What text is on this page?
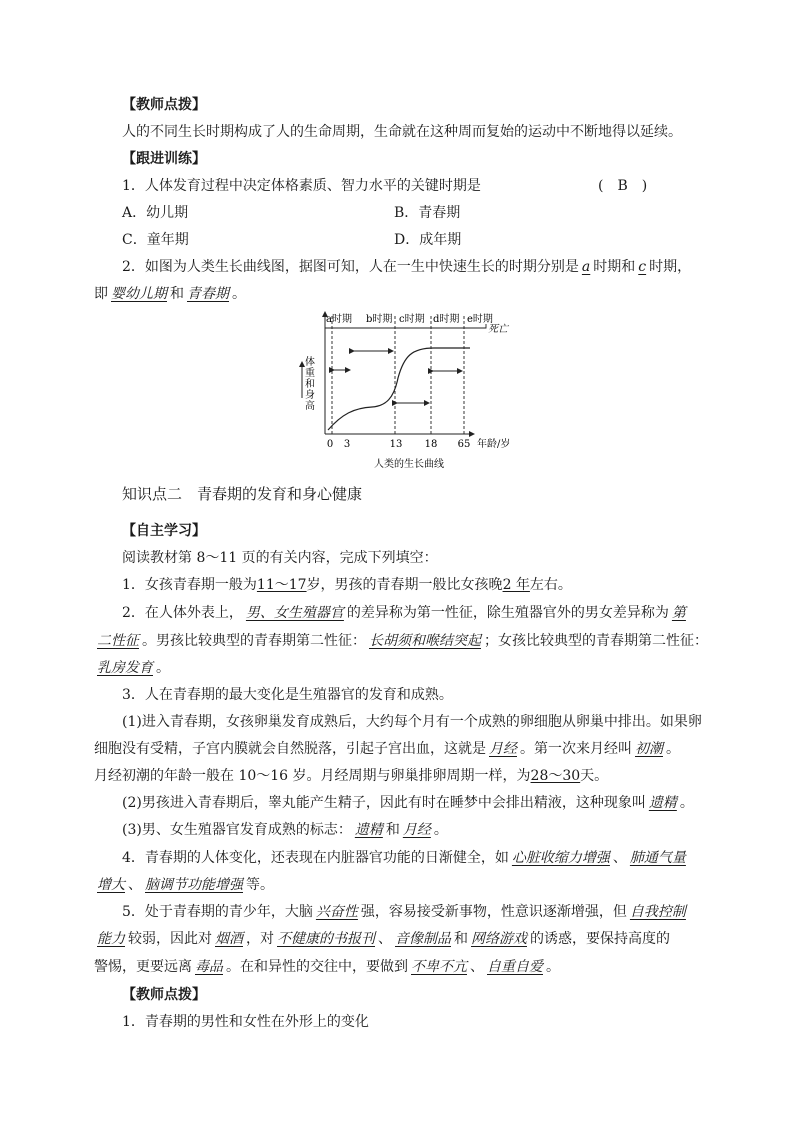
【教师点拨】
人的不同生长时期构成了人的生命周期，生命就在这种周而复始的运动中不断地得以延续。
【跟进训练】
1．人体发育过程中决定体格素质、智力水平的关键时期是	(　B　)
A．幼儿期	B．青春期
C．童年期	D．成年期
2．如图为人类生长曲线图，据图可知，人在一生中快速生长的时期分别是 a 时期和 c 时期，
即 婴幼儿期 和 青春期 。
体重和身高
a时期 b时期 c时期 d时期 e时期
死亡
0 3	13 18 65 年龄/岁
人类的生长曲线
知识点二　青春期的发育和身心健康
【自主学习】
阅读教材第 8～11 页的有关内容，完成下列填空：
1．女孩青春期一般为11～17岁，男孩的青春期一般比女孩晚2 年左右。
2．在人体外表上， 男、女生殖器官 的差异称为第一性征，除生殖器官外的男女差异称为 第
二性征 。男孩比较典型的青春期第二性征： 长胡须和喉结突起 ；女孩比较典型的青春期第二性征：
乳房发育 。
3．人在青春期的最大变化是生殖器官的发育和成熟。
(1)进入青春期，女孩卵巢发育成熟后，大约每个月有一个成熟的卵细胞从卵巢中排出。如果卵
细胞没有受精，子宫内膜就会自然脱落，引起子宫出血，这就是 月经 。第一次来月经叫 初潮 。
月经初潮的年龄一般在 10～16 岁。月经周期与卵巢排卵周期一样，为28～30天。
(2)男孩进入青春期后，睾丸能产生精子，因此有时在睡梦中会排出精液，这种现象叫 遗精 。
(3)男、女生殖器官发育成熟的标志： 遗精 和 月经 。
4．青春期的人体变化，还表现在内脏器官功能的日渐健全，如 心脏收缩力增强 、 肺通气量
增大 、 脑调节功能增强 等。
5．处于青春期的青少年，大脑 兴奋性 强，容易接受新事物，性意识逐渐增强，但 自我控制
能力 较弱，因此对 烟酒 ，对 不健康的书报刊 、 音像制品 和 网络游戏 的诱惑，要保持高度的
警惕，更要远离 毒品 。在和异性的交往中，要做到 不卑不亢 、 自重自爱 。
【教师点拨】
1．青春期的男性和女性在外形上的变化
